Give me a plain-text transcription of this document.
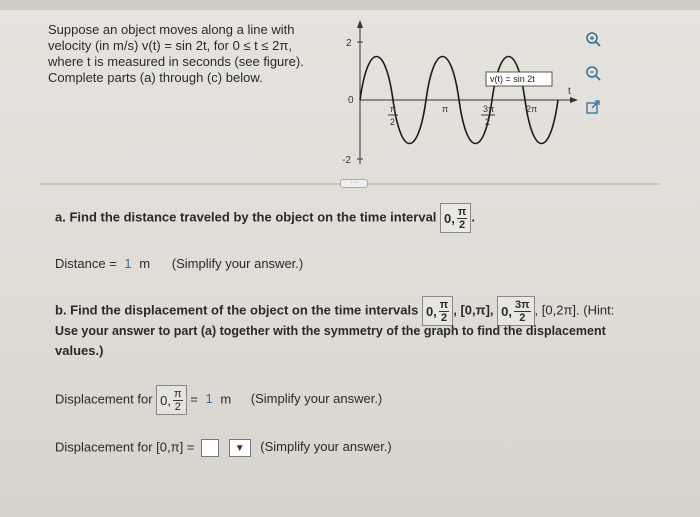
Suppose an object moves along a line with
velocity (in m/s) v(t) = sin 2t, for 0 ≤ t ≤ 2π,
where t is measured in seconds (see figure).
Complete parts (a) through (c) below.
2
0
-2
π
2
π	3π
2
2π
t
v(t) = sin 2t
···
a. Find the distance traveled by the object on the time interval 0, $\frac{\pi}{2}$ .
Distance = 1 m (Simplify your answer.)
b. Find the displacement of the object on the time intervals 0, $\frac{\pi}{2}$ , [0,π], 0, $\frac{3\pi}{2}$ , [0,2π]. (Hint:
Use your answer to part (a) together with the symmetry of the graph to find the displacement
values.)
Displacement for 0, $\frac{\pi}{2} = 1$ m (Simplify your answer.)
Displacement for [0,π] =	▼ (Simplify your answer.)
